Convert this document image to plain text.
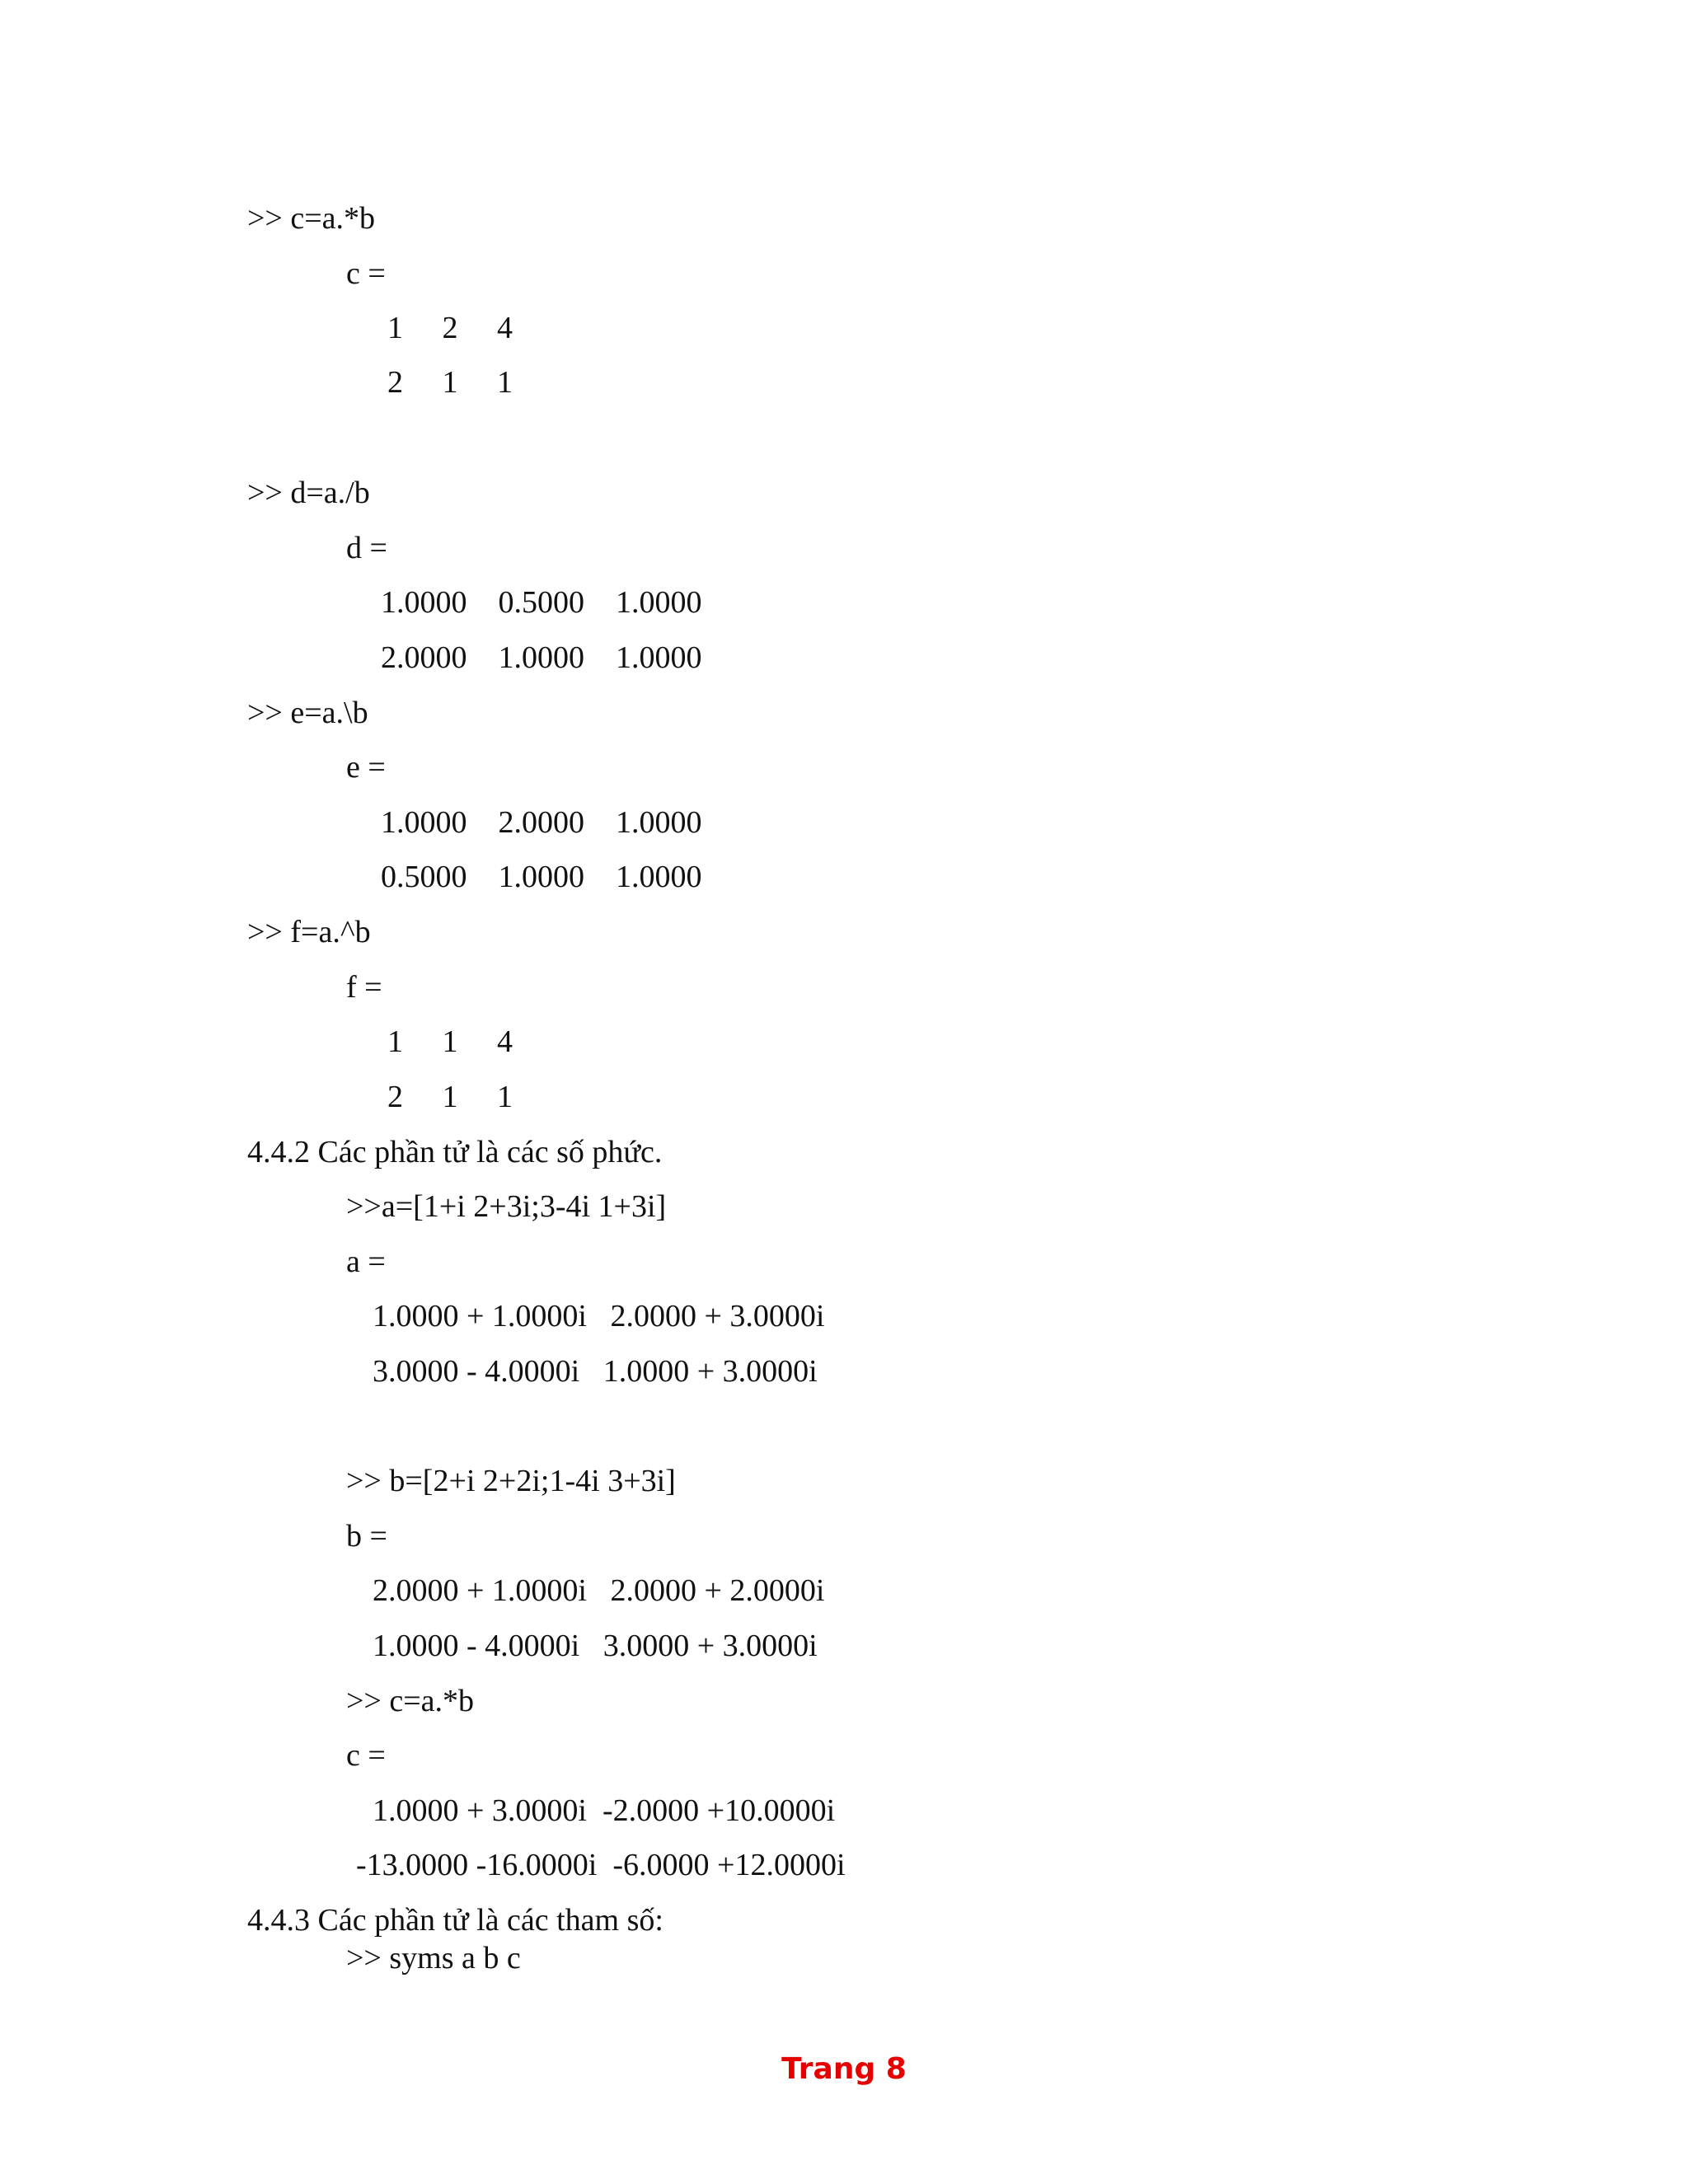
>> c=a.*b
c =
1     2     4
2     1     1
>> d=a./b
d =
1.0000    0.5000    1.0000
2.0000    1.0000    1.0000
>> e=a.\b
e =
1.0000    2.0000    1.0000
0.5000    1.0000    1.0000
>> f=a.^b
f =
1     1     4
2     1     1
4.4.2 Các phần tử là các số phức.
>>a=[1+i 2+3i;3-4i 1+3i]
a =
1.0000 + 1.0000i   2.0000 + 3.0000i
3.0000 - 4.0000i   1.0000 + 3.0000i
>> b=[2+i 2+2i;1-4i 3+3i]
b =
2.0000 + 1.0000i   2.0000 + 2.0000i
1.0000 - 4.0000i   3.0000 + 3.0000i
>> c=a.*b
c =
1.0000 + 3.0000i  -2.0000 +10.0000i
-13.0000 -16.0000i  -6.0000 +12.0000i
4.4.3 Các phần tử là các tham số:
>> syms a b c
Trang 8
